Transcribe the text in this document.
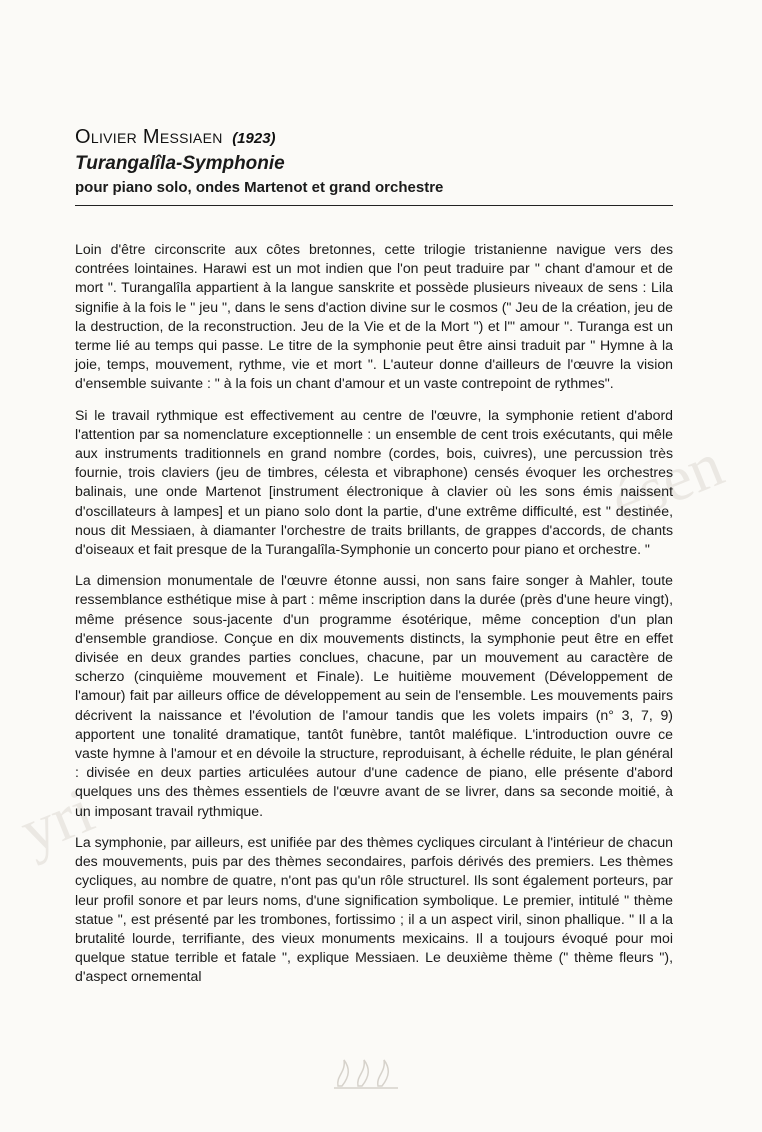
yri
ésen

Olivier Messiaen (1923)

Turangalîla-Symphonie

pour piano solo, ondes Martenot et grand orchestre

Loin d'être circonscrite aux côtes bretonnes, cette trilogie tristanienne navigue vers des contrées lointaines. Harawi est un mot indien que l'on peut traduire par " chant d'amour et de mort ". Turangalîla appartient à la langue sanskrite et possède plusieurs niveaux de sens : Lila signifie à la fois le " jeu ", dans le sens d'action divine sur le cosmos (" Jeu de la création, jeu de la destruction, de la reconstruction. Jeu de la Vie et de la Mort ") et l'" amour ". Turanga est un terme lié au temps qui passe. Le titre de la symphonie peut être ainsi traduit par " Hymne à la joie, temps, mouvement, rythme, vie et mort ". L'auteur donne d'ailleurs de l'œuvre la vision d'ensemble suivante : " à la fois un chant d'amour et un vaste contrepoint de rythmes".

Si le travail rythmique est effectivement au centre de l'œuvre, la symphonie retient d'abord l'attention par sa nomenclature exceptionnelle : un ensemble de cent trois exécutants, qui mêle aux instruments traditionnels en grand nombre (cordes, bois, cuivres), une percussion très fournie, trois claviers (jeu de timbres, célesta et vibraphone) censés évoquer les orchestres balinais, une onde Martenot [instrument électronique à clavier où les sons émis naissent d'oscillateurs à lampes] et un piano solo dont la partie, d'une extrême difficulté, est " destinée, nous dit Messiaen, à diamanter l'orchestre de traits brillants, de grappes d'accords, de chants d'oiseaux et fait presque de la Turangalîla-Symphonie un concerto pour piano et orchestre. "

La dimension monumentale de l'œuvre étonne aussi, non sans faire songer à Mahler, toute ressemblance esthétique mise à part : même inscription dans la durée (près d'une heure vingt), même présence sous-jacente d'un programme ésotérique, même conception d'un plan d'ensemble grandiose. Conçue en dix mouvements distincts, la symphonie peut être en effet divisée en deux grandes parties conclues, chacune, par un mouvement au caractère de scherzo (cinquième mouvement et Finale). Le huitième mouvement (Développement de l'amour) fait par ailleurs office de développement au sein de l'ensemble. Les mouvements pairs décrivent la naissance et l'évolution de l'amour tandis que les volets impairs (n° 3, 7, 9) apportent une tonalité dramatique, tantôt funèbre, tantôt maléfique. L'introduction ouvre ce vaste hymne à l'amour et en dévoile la structure, reproduisant, à échelle réduite, le plan général : divisée en deux parties articulées autour d'une cadence de piano, elle présente d'abord quelques uns des thèmes essentiels de l'œuvre avant de se livrer, dans sa seconde moitié, à un imposant travail rythmique.

La symphonie, par ailleurs, est unifiée par des thèmes cycliques circulant à l'intérieur de chacun des mouvements, puis par des thèmes secondaires, parfois dérivés des premiers. Les thèmes cycliques, au nombre de quatre, n'ont pas qu'un rôle structurel. Ils sont également porteurs, par leur profil sonore et par leurs noms, d'une signification symbolique. Le premier, intitulé " thème statue ", est présenté par les trombones, fortissimo ; il a un aspect viril, sinon phallique. " Il a la brutalité lourde, terrifiante, des vieux monuments mexicains. Il a toujours évoqué pour moi quelque statue terrible et fatale ", explique Messiaen. Le deuxième thème (" thème fleurs "), d'aspect ornemental
